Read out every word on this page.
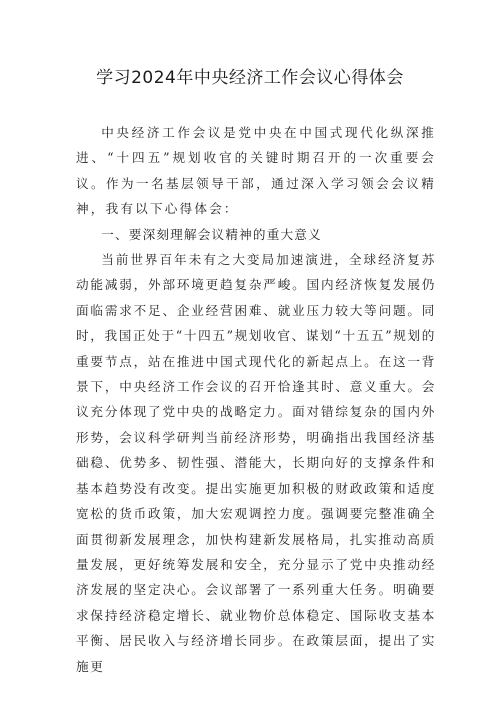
学习2024年中央经济工作会议心得体会

中央经济工作会议是党中央在中国式现代化纵深推进、“十四五”规划收官的关键时期召开的一次重要会议。作为一名基层领导干部，通过深入学习领会会议精神，我有以下心得体会：

一、要深刻理解会议精神的重大意义

当前世界百年未有之大变局加速演进，全球经济复苏动能减弱，外部环境更趋复杂严峻。国内经济恢复发展仍面临需求不足、企业经营困难、就业压力较大等问题。同时，我国正处于“十四五”规划收官、谋划“十五五”规划的重要节点，站在推进中国式现代化的新起点上。在这一背景下，中央经济工作会议的召开恰逢其时、意义重大。会议充分体现了党中央的战略定力。面对错综复杂的国内外形势，会议科学研判当前经济形势，明确指出我国经济基础稳、优势多、韧性强、潜能大，长期向好的支撑条件和基本趋势没有改变。提出实施更加积极的财政政策和适度宽松的货币政策，加大宏观调控力度。强调要完整准确全面贯彻新发展理念，加快构建新发展格局，扎实推动高质量发展，更好统筹发展和安全，充分显示了党中央推动经济发展的坚定决心。会议部署了一系列重大任务。明确要求保持经济稳定增长、就业物价总体稳定、国际收支基本平衡、居民收入与经济增长同步。在政策层面，提出了实施更
